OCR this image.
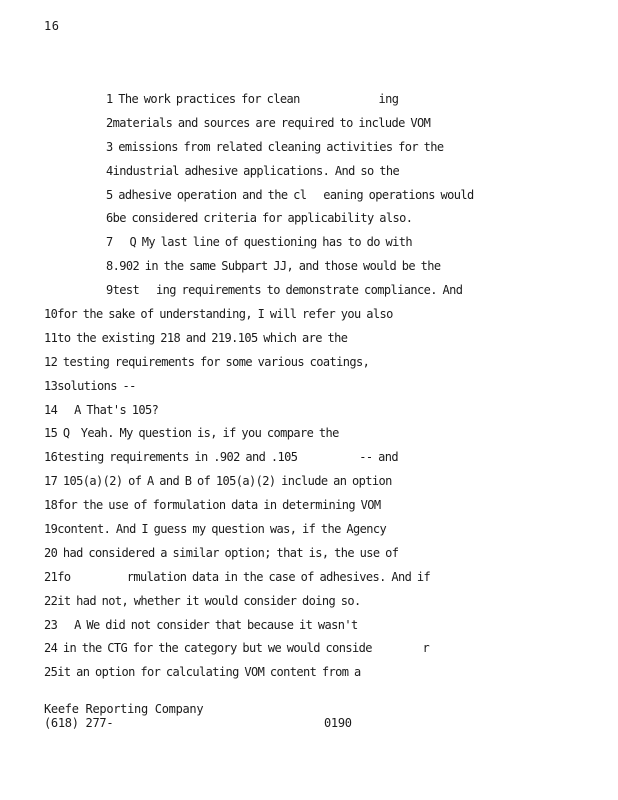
16
1 The work practices for clean              ing
2materials and sources are required to include VOM
3 emissions from related cleaning activities for the
4industrial adhesive applications. And so the
5 adhesive operation and the cl   eaning operations would
6be considered criteria for applicability also.
7   Q My last line of questioning has to do with
8.902 in the same Subpart JJ, and those would be the
9test   ing requirements to demonstrate compliance. And
10for the sake of understanding, I will refer you also
11to the existing 218 and 219.105 which are the
12 testing requirements for some various coatings,
13solutions --
14   A That's 105?
15 Q  Yeah. My question is, if you compare the
16testing requirements in .902 and .105           -- and
17 105(a)(2) of A and B of 105(a)(2) include an option
18for the use of formulation data in determining VOM
19content. And I guess my question was, if the Agency
20 had considered a similar option; that is, the use of
21fo          rmulation data in the case of adhesives. And if
22it had not, whether it would consider doing so.
23   A We did not consider that because it wasn't
24 in the CTG for the category but we would conside         r
25it an option for calculating VOM content from a
Keefe Reporting Company
(618) 277-	0190
